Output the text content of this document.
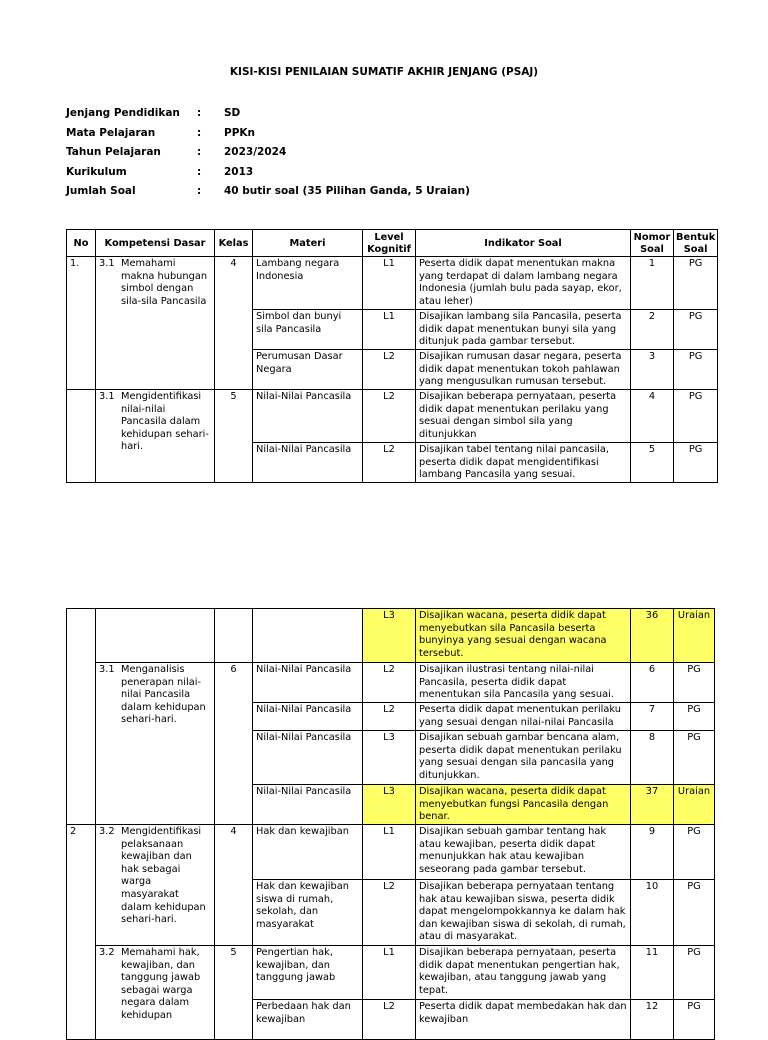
KISI-KISI PENILAIAN SUMATIF AKHIR JENJANG (PSAJ)
Jenjang Pendidikan	:	SD
Mata Pelajaran	:	PPKn
Tahun Pelajaran	:	2023/2024
Kurikulum	:	2013
Jumlah Soal	:	40 butir soal (35 Pilihan Ganda, 5 Uraian)
No	Kompetensi Dasar	Kelas	Materi	Level Kognitif	Indikator Soal	Nomor Soal	Bentuk Soal
1.	3.1 Memahami makna hubungan simbol dengan sila-sila Pancasila	4	Lambang negara Indonesia	L1	Peserta didik dapat menentukan makna yang terdapat di dalam lambang negara Indonesia (jumlah bulu pada sayap, ekor, atau leher)	1	PG
			Simbol dan bunyi sila Pancasila	L1	Disajikan lambang sila Pancasila, peserta didik dapat menentukan bunyi sila yang ditunjuk pada gambar tersebut.	2	PG
			Perumusan Dasar Negara	L2	Disajikan rumusan dasar negara, peserta didik dapat menentukan tokoh pahlawan yang mengusulkan rumusan tersebut.	3	PG

	3.1 Mengidentifikasi nilai-nilai Pancasila dalam kehidupan sehari-hari.	5	Nilai-Nilai Pancasila	L2	Disajikan beberapa pernyataan, peserta didik dapat menentukan perilaku yang sesuai dengan simbol sila yang ditunjukkan	4	PG
			Nilai-Nilai Pancasila	L2	Disajikan tabel tentang nilai pancasila, peserta didik dapat mengidentifikasi lambang Pancasila yang sesuai.	5	PG
				L3	Disajikan wacana, peserta didik dapat menyebutkan sila Pancasila beserta bunyinya yang sesuai dengan wacana tersebut.	36	Uraian

	3.1 Menganalisis penerapan nilai-nilai Pancasila dalam kehidupan sehari-hari.	6	Nilai-Nilai Pancasila	L2	Disajikan ilustrasi tentang nilai-nilai Pancasila, peserta didik dapat menentukan sila Pancasila yang sesuai.	6	PG
			Nilai-Nilai Pancasila	L2	Peserta didik dapat menentukan perilaku yang sesuai dengan nilai-nilai Pancasila	7	PG
			Nilai-Nilai Pancasila	L3	Disajikan sebuah gambar bencana alam, peserta didik dapat menentukan perilaku yang sesuai dengan sila pancasila yang ditunjukkan.	8	PG
			Nilai-Nilai Pancasila	L3	Disajikan wacana, peserta didik dapat menyebutkan fungsi Pancasila dengan benar.	37	Uraian
2	3.2 Mengidentifikasi pelaksanaan kewajiban dan hak sebagai warga masyarakat dalam kehidupan sehari-hari.	4	Hak dan kewajiban	L1	Disajikan sebuah gambar tentang hak atau kewajiban, peserta didik dapat menunjukkan hak atau kewajiban seseorang pada gambar tersebut.	9	PG
			Hak dan kewajiban siswa di rumah, sekolah, dan masyarakat	L2	Disajikan beberapa pernyataan tentang hak atau kewajiban siswa, peserta didik dapat mengelompokkannya ke dalam hak dan kewajiban siswa di sekolah, di rumah, atau di masyarakat.	10	PG

	3.2 Memahami hak, kewajiban, dan tanggung jawab sebagai warga negara dalam kehidupan	5	Pengertian hak, kewajiban, dan tanggung jawab	L1	Disajikan beberapa pernyataan, peserta didik dapat menentukan pengertian hak, kewajiban, atau tanggung jawab yang tepat.	11	PG
			Perbedaan hak dan kewajiban	L2	Peserta didik dapat membedakan hak dan kewajiban	12	PG
